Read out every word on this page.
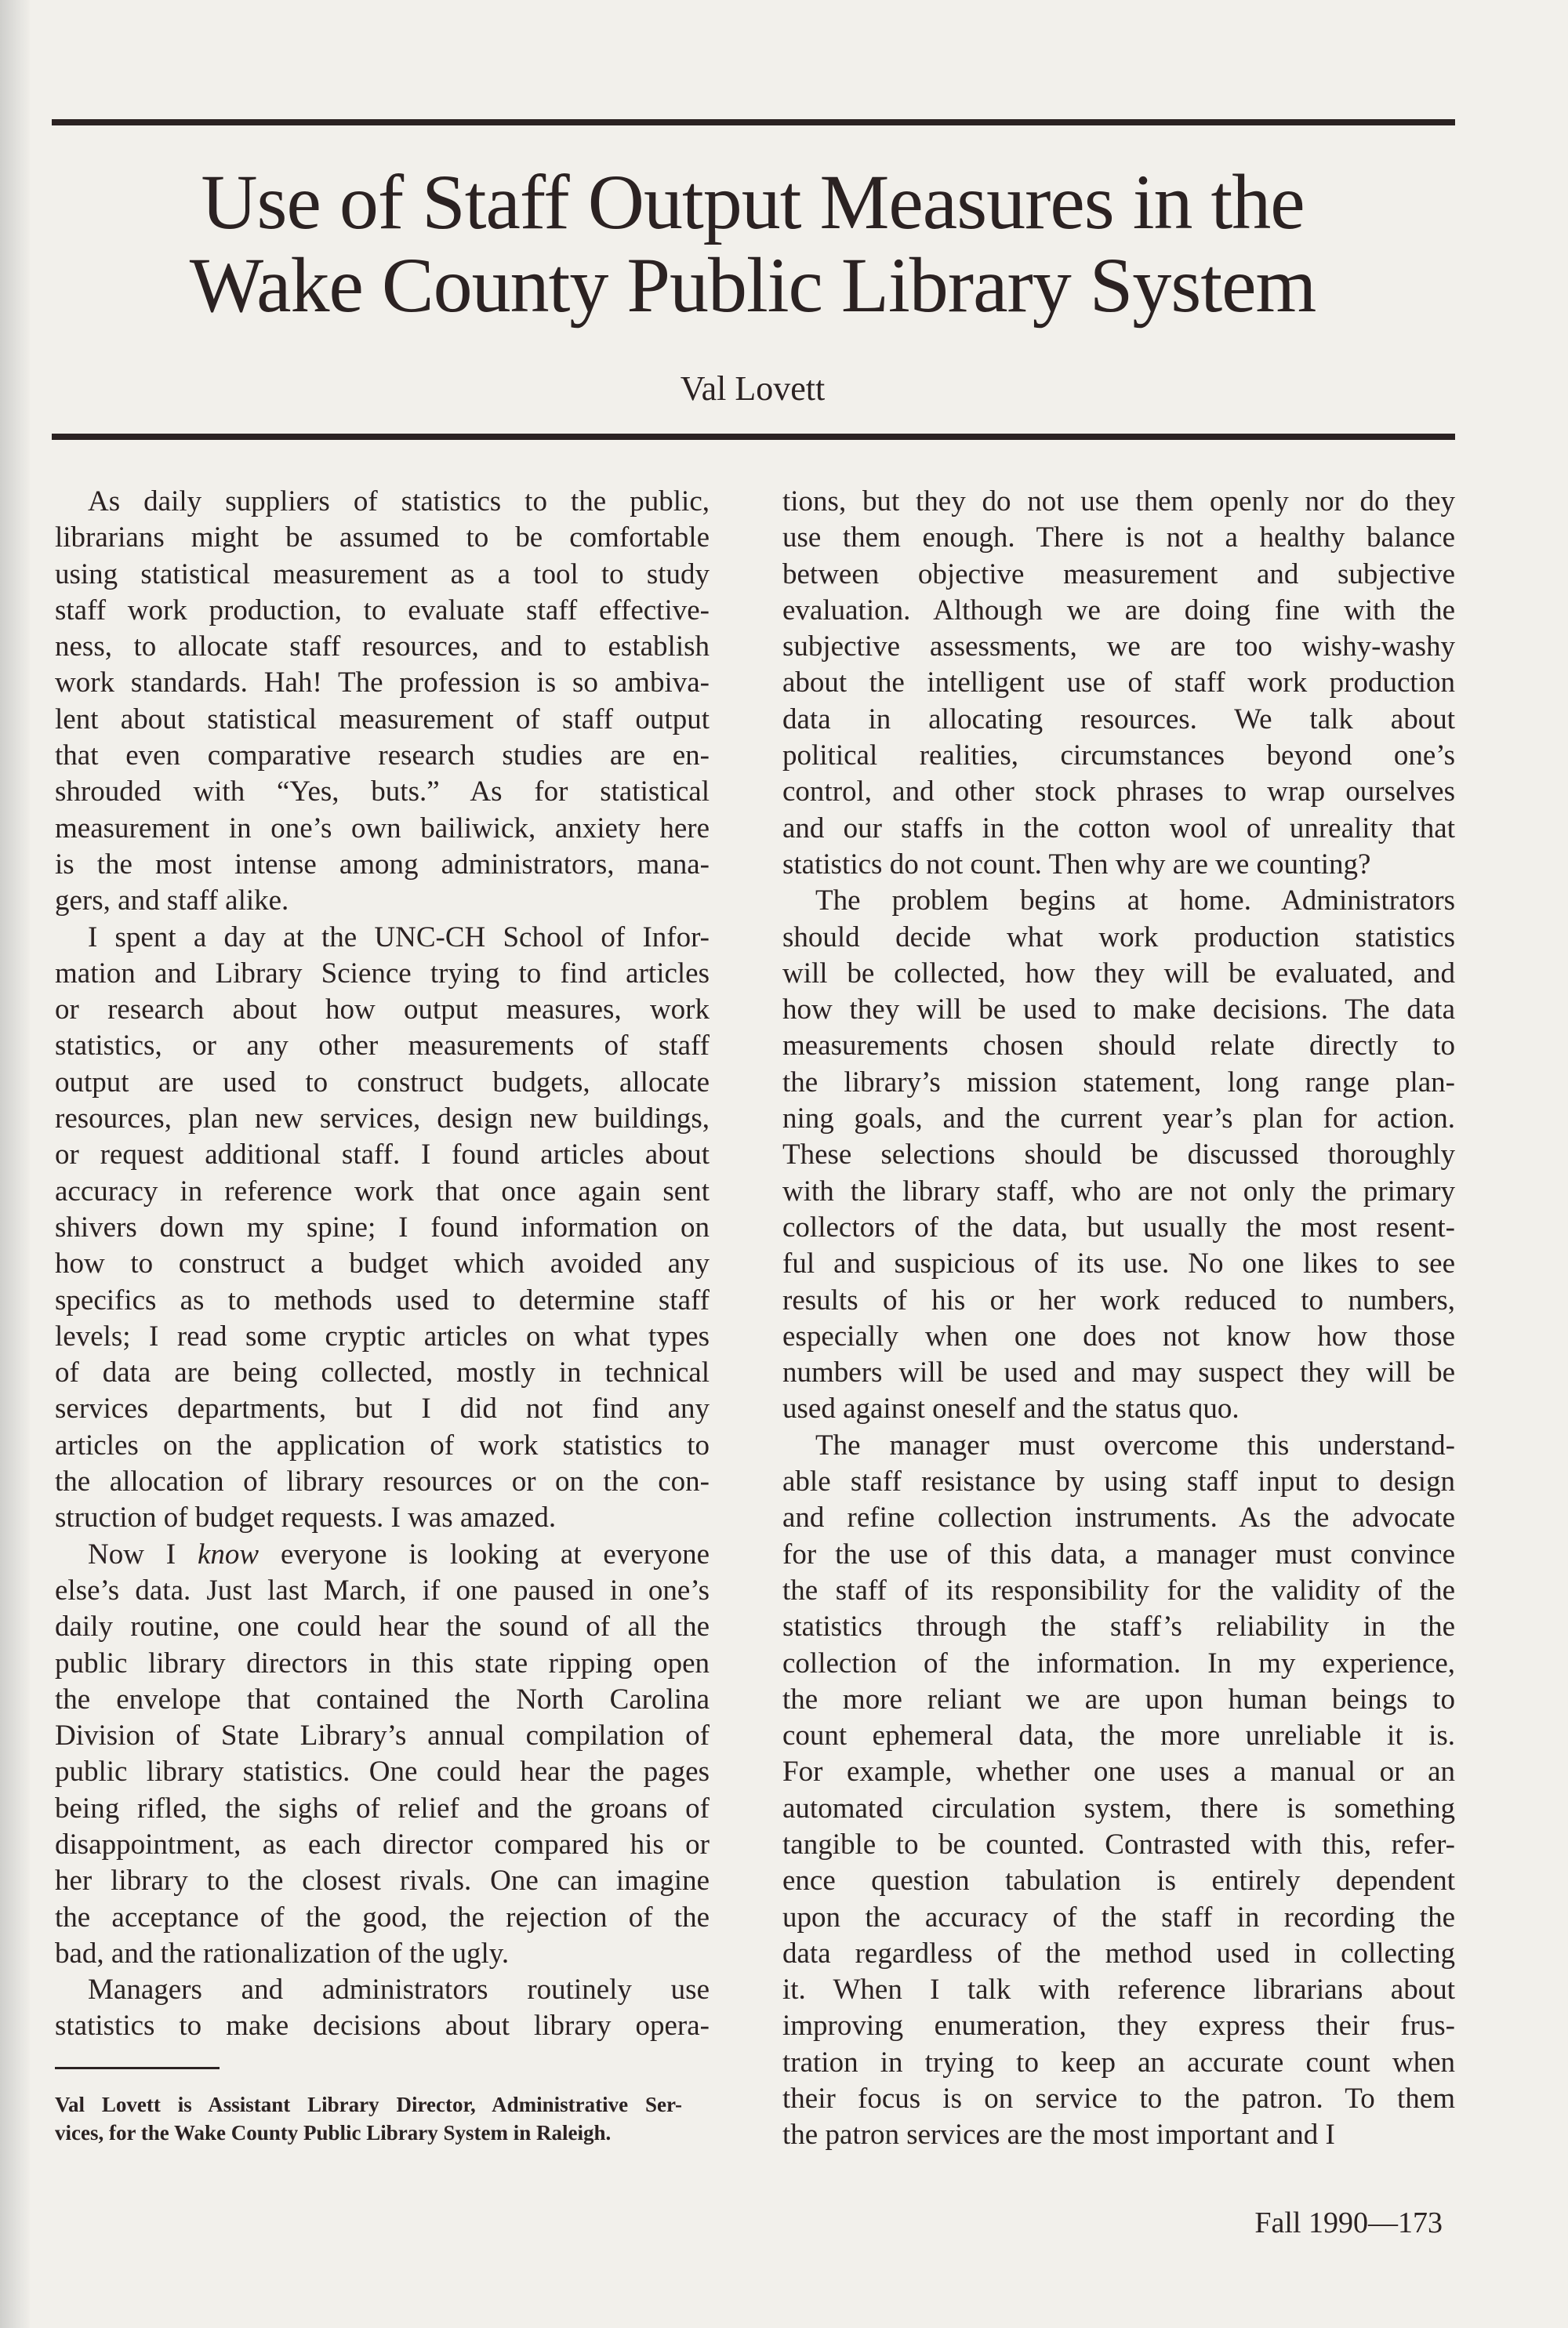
Use of Staff Output Measures in the
Wake County Public Library System
Val Lovett
As daily suppliers of statistics to the public,
librarians might be assumed to be comfortable
using statistical measurement as a tool to study
staff work production, to evaluate staff effective-
ness, to allocate staff resources, and to establish
work standards. Hah! The profession is so ambiva-
lent about statistical measurement of staff output
that even comparative research studies are en-
shrouded with “Yes, buts.” As for statistical
measurement in one’s own bailiwick, anxiety here
is the most intense among administrators, mana-
gers, and staff alike.
I spent a day at the UNC-CH School of Infor-
mation and Library Science trying to find articles
or research about how output measures, work
statistics, or any other measurements of staff
output are used to construct budgets, allocate
resources, plan new services, design new buildings,
or request additional staff. I found articles about
accuracy in reference work that once again sent
shivers down my spine; I found information on
how to construct a budget which avoided any
specifics as to methods used to determine staff
levels; I read some cryptic articles on what types
of data are being collected, mostly in technical
services departments, but I did not find any
articles on the application of work statistics to
the allocation of library resources or on the con-
struction of budget requests. I was amazed.
Now I know everyone is looking at everyone
else’s data. Just last March, if one paused in one’s
daily routine, one could hear the sound of all the
public library directors in this state ripping open
the envelope that contained the North Carolina
Division of State Library’s annual compilation of
public library statistics. One could hear the pages
being rifled, the sighs of relief and the groans of
disappointment, as each director compared his or
her library to the closest rivals. One can imagine
the acceptance of the good, the rejection of the
bad, and the rationalization of the ugly.
Managers and administrators routinely use
statistics to make decisions about library opera-
tions, but they do not use them openly nor do they
use them enough. There is not a healthy balance
between objective measurement and subjective
evaluation. Although we are doing fine with the
subjective assessments, we are too wishy-washy
about the intelligent use of staff work production
data in allocating resources. We talk about
political realities, circumstances beyond one’s
control, and other stock phrases to wrap ourselves
and our staffs in the cotton wool of unreality that
statistics do not count. Then why are we counting?
The problem begins at home. Administrators
should decide what work production statistics
will be collected, how they will be evaluated, and
how they will be used to make decisions. The data
measurements chosen should relate directly to
the library’s mission statement, long range plan-
ning goals, and the current year’s plan for action.
These selections should be discussed thoroughly
with the library staff, who are not only the primary
collectors of the data, but usually the most resent-
ful and suspicious of its use. No one likes to see
results of his or her work reduced to numbers,
especially when one does not know how those
numbers will be used and may suspect they will be
used against oneself and the status quo.
The manager must overcome this understand-
able staff resistance by using staff input to design
and refine collection instruments. As the advocate
for the use of this data, a manager must convince
the staff of its responsibility for the validity of the
statistics through the staff’s reliability in the
collection of the information. In my experience,
the more reliant we are upon human beings to
count ephemeral data, the more unreliable it is.
For example, whether one uses a manual or an
automated circulation system, there is something
tangible to be counted. Contrasted with this, refer-
ence question tabulation is entirely dependent
upon the accuracy of the staff in recording the
data regardless of the method used in collecting
it. When I talk with reference librarians about
improving enumeration, they express their frus-
tration in trying to keep an accurate count when
their focus is on service to the patron. To them
the patron services are the most important and I
Val Lovett is Assistant Library Director, Administrative Ser-
vices, for the Wake County Public Library System in Raleigh.
Fall 1990—173
